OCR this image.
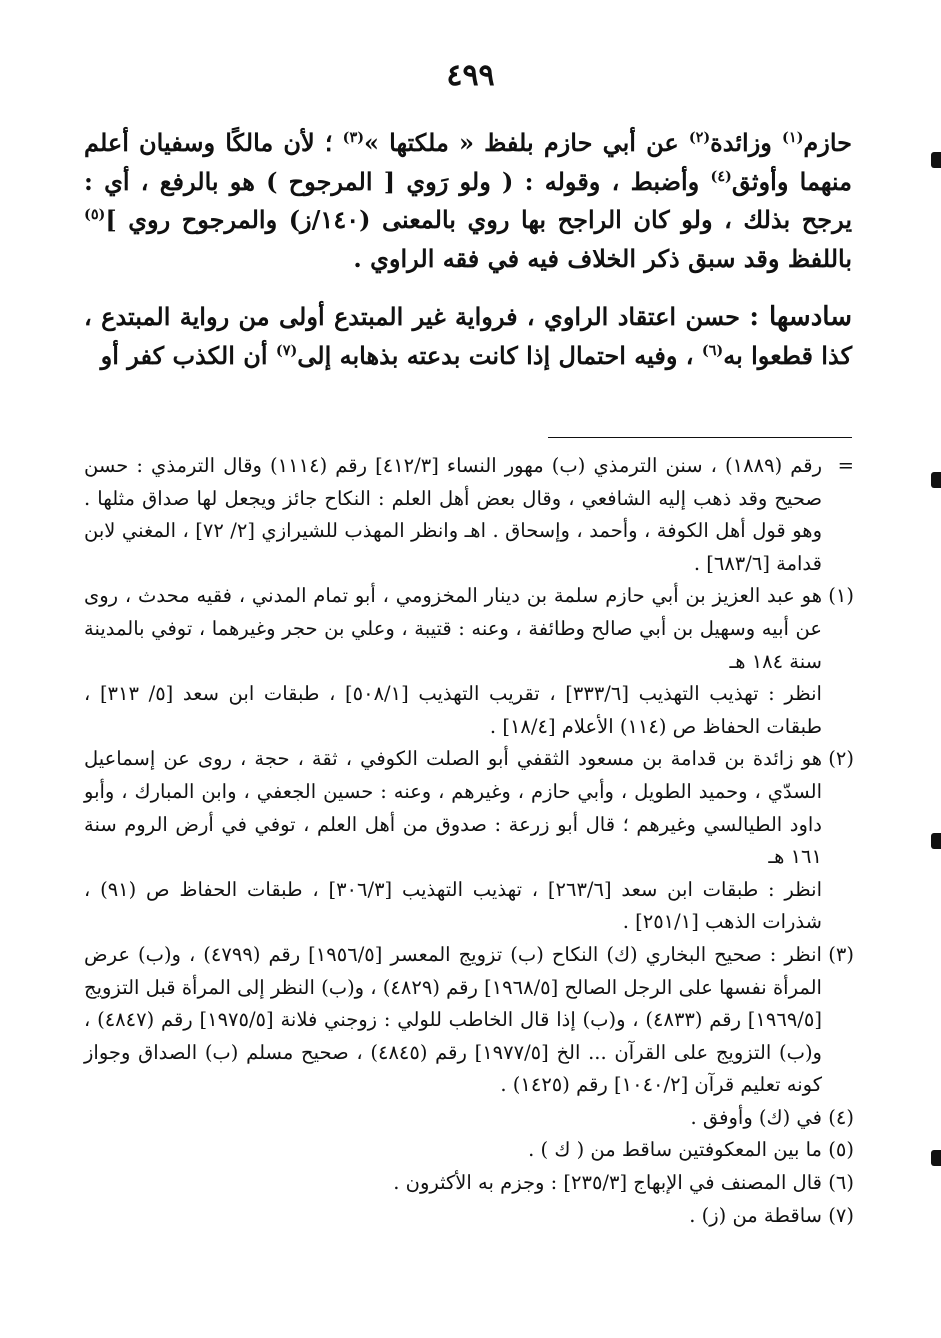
٤٩٩

حازم$^{(١)}$ وزائدة$^{(٢)}$ عن أبي حازم بلفظ « ملكتها »$^{(٣)}$ ؛ لأن مالكًا وسفيان أعلم منهما وأوثق$^{(٤)}$ وأضبط ، وقوله : ( ولو رَوي [ المرجوح ) هو بالرفع ، أي : يرجح بذلك ، ولو كان الراجح بها روي بالمعنى (١٤٠/ز) والمرجوح روي ]$^{(٥)}$ باللفظ وقد سبق ذكر الخلاف فيه في فقه الراوي .

سادسها : حسن اعتقاد الراوي ، فرواية غير المبتدع أولى من رواية المبتدع ، كذا قطعوا به$^{(٦)}$ ، وفيه احتمال إذا كانت بدعته بذهابه إلى$^{(٧)}$ أن الكذب كفر أو

=
رقم (١٨٨٩) ، سنن الترمذي (ب) مهور النساء [٤١٢/٣] رقم (١١١٤) وقال الترمذي : حسن صحيح وقد ذهب إليه الشافعي ، وقال بعض أهل العلم : النكاح جائز ويجعل لها صداق مثلها . وهو قول أهل الكوفة ، وأحمد ، وإسحاق . اهـ وانظر المهذب للشيرازي [٢/ ٧٢] ، المغني لابن قدامة [٦٨٣/٦] .
(١)
هو عبد العزيز بن أبي حازم سلمة بن دينار المخزومي ، أبو تمام المدني ، فقيه محدث ، روى عن أبيه وسهيل بن أبي صالح وطائفة ، وعنه : قتيبة ، وعلي بن حجر وغيرهما ، توفي بالمدينة سنة ١٨٤ هـ
انظر : تهذيب التهذيب [٣٣٣/٦] ، تقريب التهذيب [٥٠٨/١] ، طبقات ابن سعد [٥/ ٣١٣] ، طبقات الحفاظ ص (١١٤) الأعلام [١٨/٤] .
(٢)
هو زائدة بن قدامة بن مسعود الثقفي أبو الصلت الكوفي ، ثقة ، حجة ، روى عن إسماعيل السدّي ، وحميد الطويل ، وأبي حازم ، وغيرهم ، وعنه : حسين الجعفي ، وابن المبارك ، وأبو داود الطيالسي وغيرهم ؛ قال أبو زرعة : صدوق من أهل العلم ، توفي في أرض الروم سنة ١٦١ هـ
انظر : طبقات ابن سعد [٢٦٣/٦] ، تهذيب التهذيب [٣٠٦/٣] ، طبقات الحفاظ ص (٩١) ، شذرات الذهب [٢٥١/١] .
(٣)
انظر : صحيح البخاري (ك) النكاح (ب) تزويج المعسر [١٩٥٦/٥] رقم (٤٧٩٩) ، و(ب) عرض المرأة نفسها على الرجل الصالح [١٩٦٨/٥] رقم (٤٨٢٩) ، و(ب) النظر إلى المرأة قبل التزويج [١٩٦٩/٥] رقم (٤٨٣٣) ، و(ب) إذا قال الخاطب للولي : زوجني فلانة [١٩٧٥/٥] رقم (٤٨٤٧) ، و(ب) التزويج على القرآن ... الخ [١٩٧٧/٥] رقم (٤٨٤٥) ، صحيح مسلم (ب) الصداق وجواز كونه تعليم قرآن [١٠٤٠/٢] رقم (١٤٢٥) .
(٤)
في (ك) وأوفق .
(٥)
ما بين المعكوفتين ساقط من ( ك ) .
(٦)
قال المصنف في الإبهاج [٢٣٥/٣] : وجزم به الأكثرون .
(٧)
ساقطة من (ز) .
